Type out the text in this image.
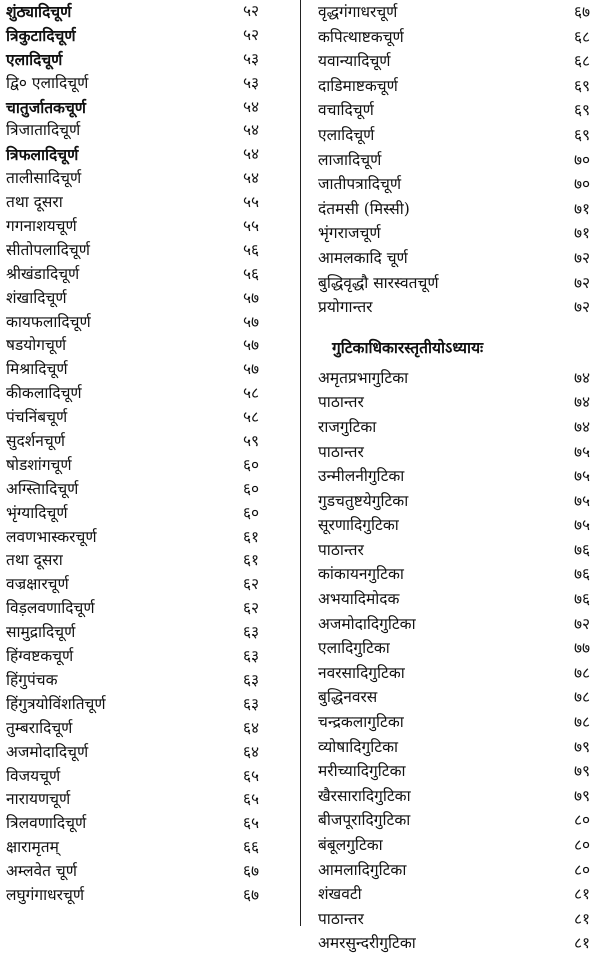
शुंठ्यादिचूर्ण	५२
त्रिकुटादिचूर्ण	५२
एलादिचूर्ण	५३
द्वि० एलादिचूर्ण	५३
चातुर्जातकचूर्ण	५४
त्रिजातादिचूर्ण	५४
त्रिफलादिचूर्ण	५४
तालीसादिचूर्ण	५४
तथा दूसरा	५५
गगनाशयचूर्ण	५५
सीतोपलादिचूर्ण	५६
श्रीखंडादिचूर्ण	५६
शंखादिचूर्ण	५७
कायफलादिचूर्ण	५७
षडयोगचूर्ण	५७
मिश्रादिचूर्ण	५७
कीकलादिचूर्ण	५८
पंचनिंबचूर्ण	५८
सुदर्शनचूर्ण	५९
षोडशांगचूर्ण	६०
अग्स्तिादिचूर्ण	६०
भृंग्यादिचूर्ण	६०
लवणभास्करचूर्ण	६१
तथा दूसरा	६१
वज्रक्षारचूर्ण	६२
विड़लवणादिचूर्ण	६२
सामुद्रादिचूर्ण	६३
हिंग्वष्टकचूर्ण	६३
हिंगुपंचक	६३
हिंगुत्रयोविंशतिचूर्ण	६३
तुम्बरादिचूर्ण	६४
अजमोदादिचूर्ण	६४
विजयचूर्ण	६५
नारायणचूर्ण	६५
त्रिलवणादिचूर्ण	६५
क्षारामृतम्	६६
अम्लवेत चूर्ण	६७
लघुगंगाधरचूर्ण	६७
वृद्धगंगाधरचूर्ण	६७
कपित्थाष्टकचूर्ण	६८
यवान्यादिचूर्ण	६८
दाडिमाष्टकचूर्ण	६९
वचादिचूर्ण	६९
एलादिचूर्ण	६९
लाजादिचूर्ण	७०
जातीपत्रादिचूर्ण	७०
दंतमसी (मिस्सी)	७१
भृंगराजचूर्ण	७१
आमलकादि चूर्ण	७२
बुद्धिवृद्धौ सारस्वतचूर्ण	७२
प्रयोगान्तर	७२
गुटिकाधिकारस्तृतीयोऽध्यायः
अमृतप्रभागुटिका	७४
पाठान्तर	७४
राजगुटिका	७४
पाठान्तर	७५
उन्मीलनीगुटिका	७५
गुडचतुष्टयेगुटिका	७५
सूरणादिगुटिका	७५
पाठान्तर	७६
कांकायनगुटिका	७६
अभयादिमोदक	७६
अजमोदादिगुटिका	७२
एलादिगुटिका	७७
नवरसादिगुटिका	७८
बुद्धिनवरस	७८
चन्द्रकलागुटिका	७८
व्योषादिगुटिका	७९
मरीच्यादिगुटिका	७९
खैरसारादिगुटिका	७९
बीजपूरादिगुटिका	८०
बंबूलगुटिका	८०
आमलादिगुटिका	८०
शंखवटी	८१
पाठान्तर	८१
अमरसुन्दरीगुटिका	८१
